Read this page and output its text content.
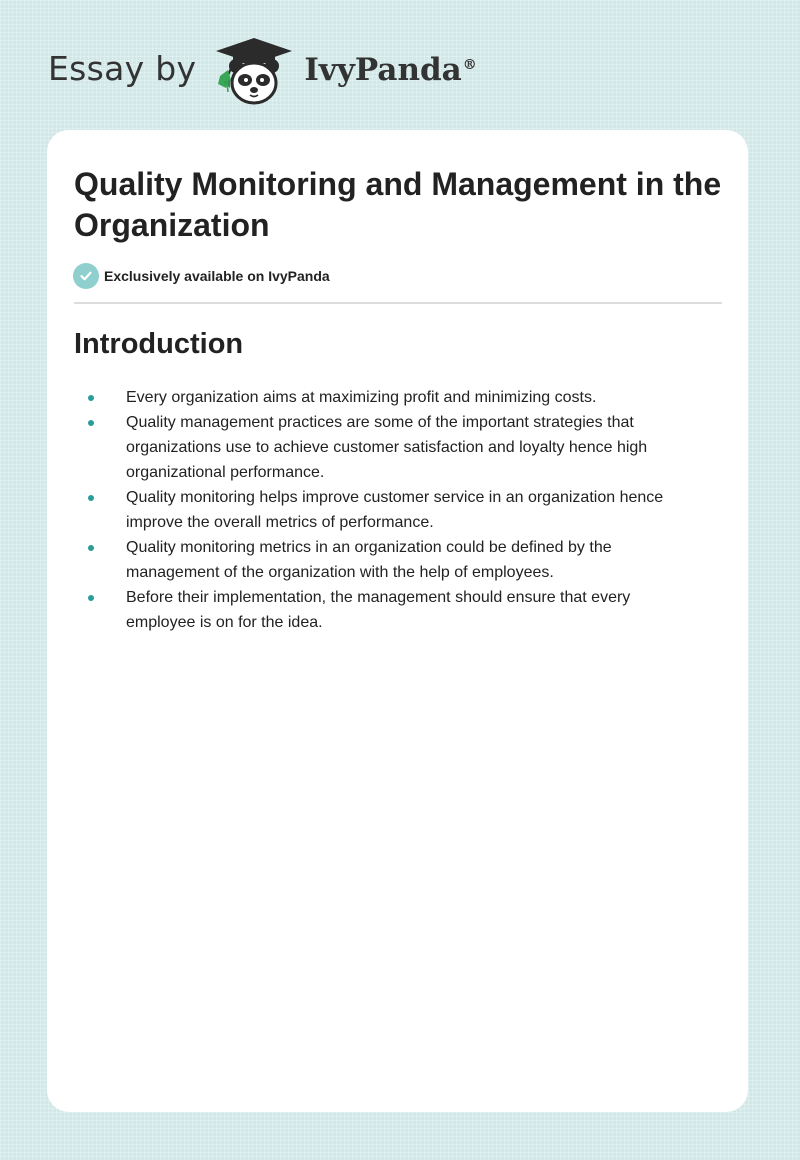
Essay by	IvyPanda®
Quality Monitoring and Management in the Organization
Exclusively available on IvyPanda
Introduction
Every organization aims at maximizing profit and minimizing costs.
Quality management practices are some of the important strategies that organizations use to achieve customer satisfaction and loyalty hence high organizational performance.
Quality monitoring helps improve customer service in an organization hence improve the overall metrics of performance.
Quality monitoring metrics in an organization could be defined by the management of the organization with the help of employees.
Before their implementation, the management should ensure that every employee is on for the idea.
